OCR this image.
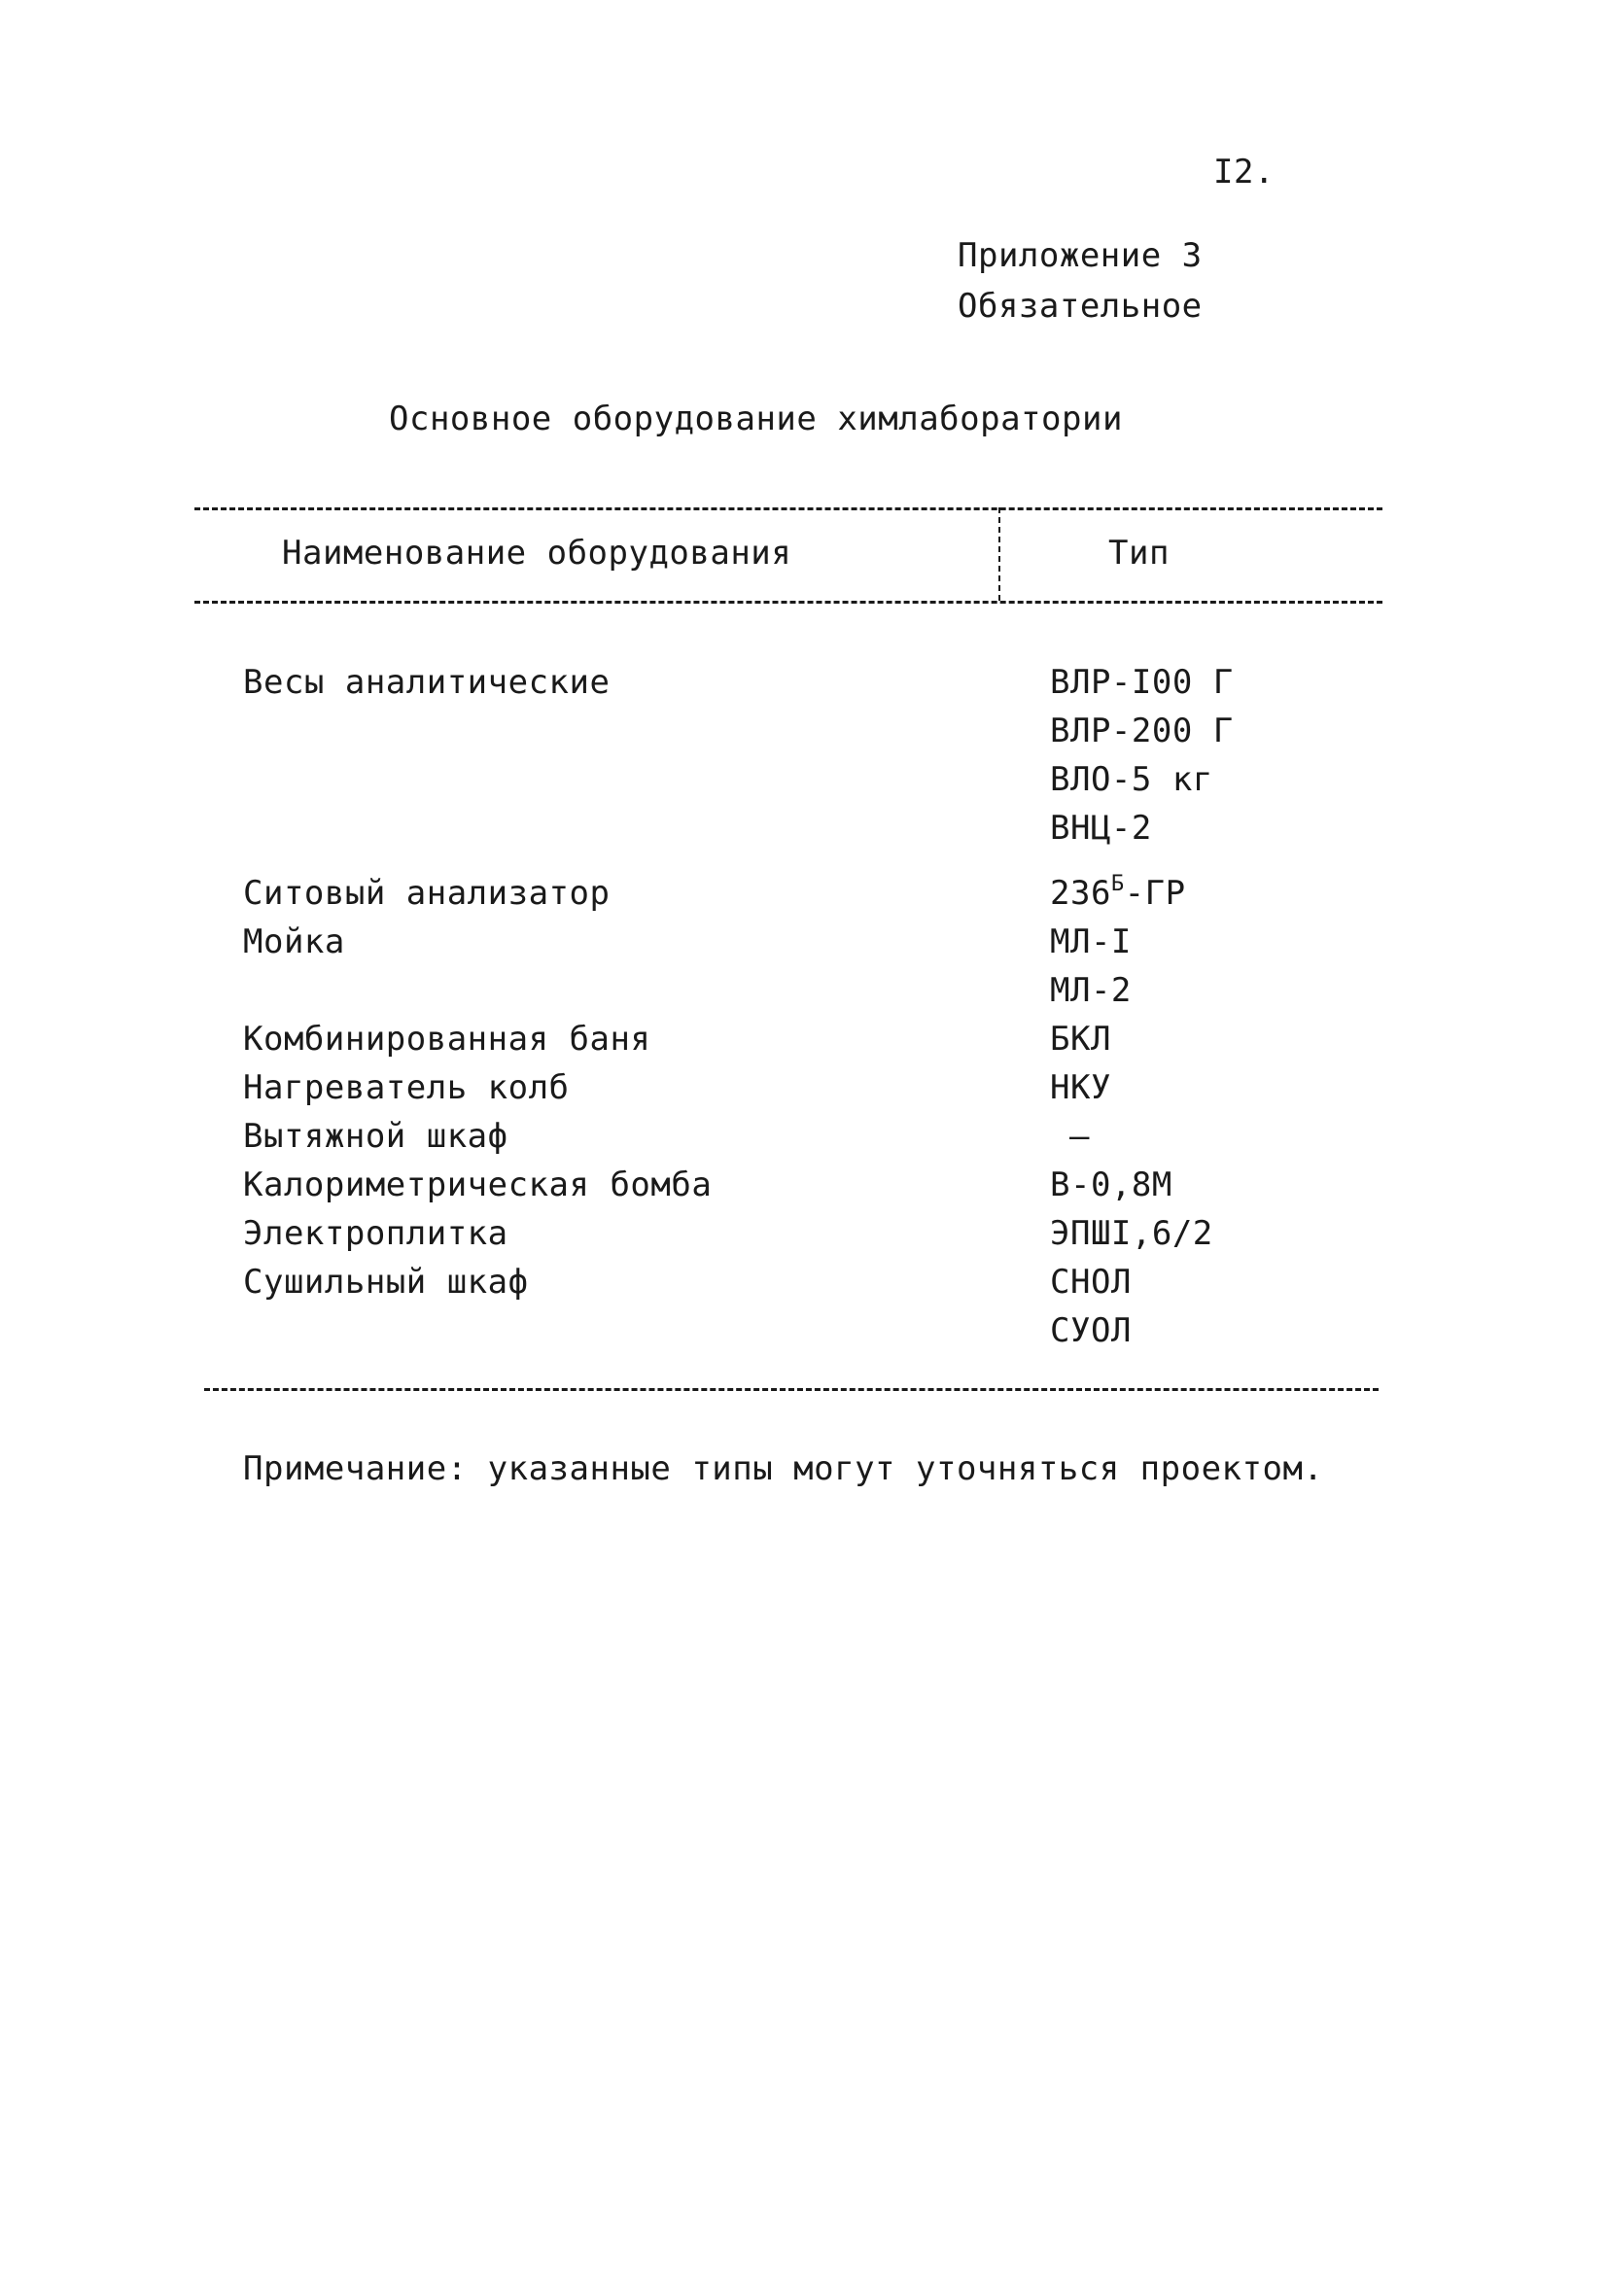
I2.
Приложение 3
Обязательное
Основное оборудование химлаборатории
Наименование оборудования	Тип
Весы аналитические	ВЛР-I00 Г
ВЛР-200 Г
ВЛО-5 кг
ВНЦ-2
Ситовый анализатор	$236^Б-ГР$
Мойка	МЛ-I
МЛ-2
Комбинированная баня	БКЛ
Нагреватель колб	НКУ
Вытяжной шкаф	–
Калориметрическая бомба	В-0,8М
Электроплитка	ЭПШI,6/2
Сушильный шкаф	СНОЛ
СУОЛ
Примечание: указанные типы могут уточняться проектом.
